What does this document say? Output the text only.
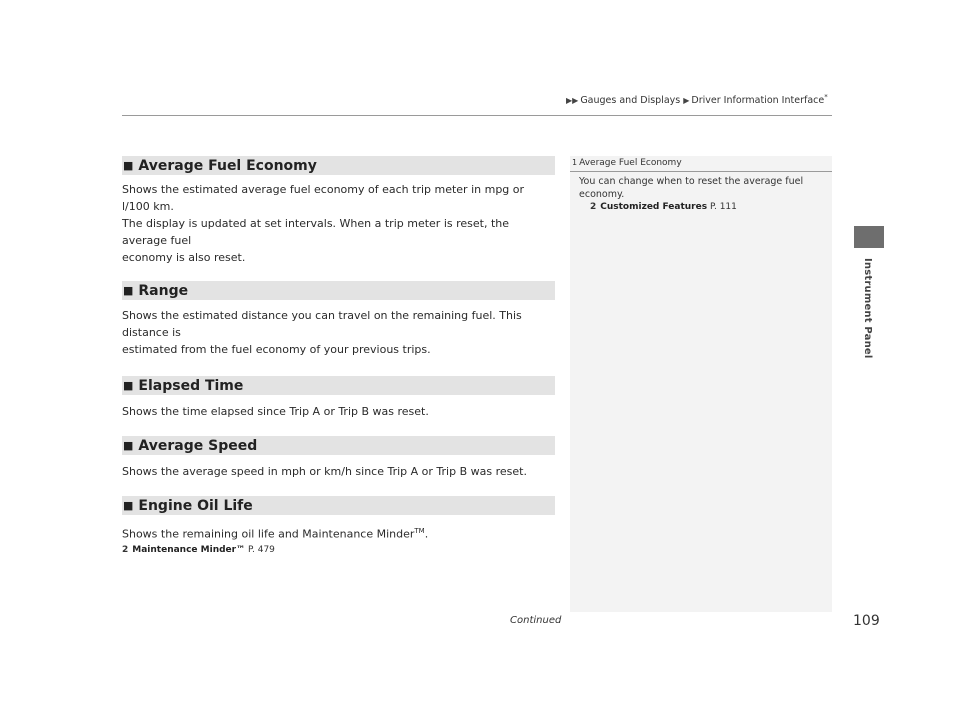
▶▶ Gauges and Displays ▶ Driver Information Interface*
■ Average Fuel Economy

Shows the estimated average fuel economy of each trip meter in mpg or l/100 km.

The display is updated at set intervals. When a trip meter is reset, the average fuel

economy is also reset.

■ Range

Shows the estimated distance you can travel on the remaining fuel. This distance is

estimated from the fuel economy of your previous trips.

■ Elapsed Time

Shows the time elapsed since Trip A or Trip B was reset.

■ Average Speed

Shows the average speed in mph or km/h since Trip A or Trip B was reset.

■ Engine Oil Life

Shows the remaining oil life and Maintenance Minder™.

2 Maintenance Minder™ P. 479
1 Average Fuel Economy
You can change when to reset the average fuel
economy.
2 Customized Features P. 111
Instrument Panel
Continued	109
